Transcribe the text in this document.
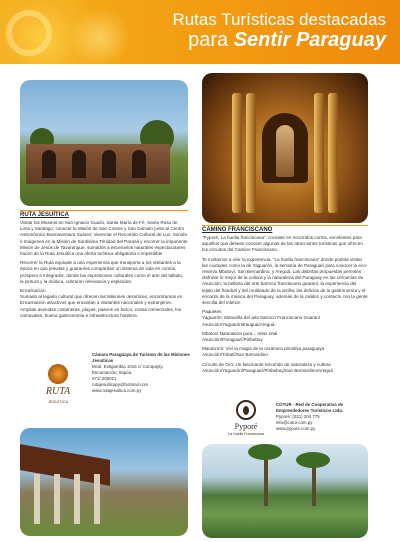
Rutas Turísticas destacadas
para Sentir Paraguay
RUTA JESUÍTICA

Visitar los Museos en San Ignacio Guazú, Santa María de Fé, Santa Rosa de Lima y Santiago; conocer la Misión de San Cosme y San Damián junto al Centro Astronómico Buenaventura Suárez; vivenciar el Recorrido Cultural de Luz, Sonido e Imágenes en la Misión de Santísima Trinidad del Paraná y recorrer la imponente Misión de Jesús de Tavarangue, sumados a escenarios naturales espectaculares hacen de la Ruta Jesuítica una oferta turística obligatoria e imperdible.

Recorrer la Ruta equivale a una experiencia que transporta a los visitantes a la época en que jesuitas y guaraníes compartían un sistema de vida en común, próspero e integrador, donde las expresiones culturales como el arte del tallado, la pintura y la música, cobraron relevancia y esplendor.

Encarnación

Sumado al legado cultural que ofrecen las Misiones Jesuíticas, encontramos en Encarnación atractivos que encantan a visitantes nacionales y extranjeros. Amplias avenidas costaneras, playas, paseos en barco, zonas comerciales, los carnavales, buena gastronomía e infraestructura hotelera.

RUTA
JESUÍTICA
Cámara Paraguaya de Turismo de las Misiones Jesuíticas
Mcal. Estigarribia 1015 c/ Curupayty.
Encarnación, Itapúa.
071/ 205021
rutajesuiticapy@hotmail.com
www.rutajesuitica.com.py
CAMINO FRANCISCANO

“Pyporé, La huella franciscana”, consiste en recorridos cortos, excelentes para aquellos que desean conocer algunas de las atracciones turísticas que ofrecen los circuitos del Camino Franciscano.

Te invitamos a vivir la experiencia, “La huella franciscana” donde podrás visitar las ciudades como la de Yaguarón, la serranía de Paraguarí para conocer la eco-reserva Mbatoví, San Bernardino, y Areguá. Las distintas propuestas permiten disfrutar lo mejor de la cultura y la naturaleza del Paraguay en las cercanías de Asunción; la belleza del arte barroco franciscano guaraní, la experiencia del tejido del ñandutí y del moldeado de la arcilla; las delicias de la gastronomía y el encanto de la música del Paraguay, además de la calidez y contacto con la gente sencilla del interior.

Paquetes

Yaguarón: Maravilla del arte barroco Franciscano Guaraní
Asunción/Yaguarón/Itauguá/Areguá.
Mbatoví Naturaleza pura... relax total
Asunción/Paraguarí/Piribebuy
Mandu'a'á: Viví la magia de la cerámica primitiva paraguaya
Asunción/Tobatí/San Bernardino
Circuito de Oro: Un fascinante recorrido de naturaleza y cultura
Asunción/Yaguarón/Paraguarí/Piribebuy/San Bernardino/Areguá
Pyporé
La Huella Franciscana
COTUR - Red de Cooperativa de Emprendedores Turísticos Ltda.
Pyporé: (021) 204 775
info@cotur.com.py
www.pypore.com.py
